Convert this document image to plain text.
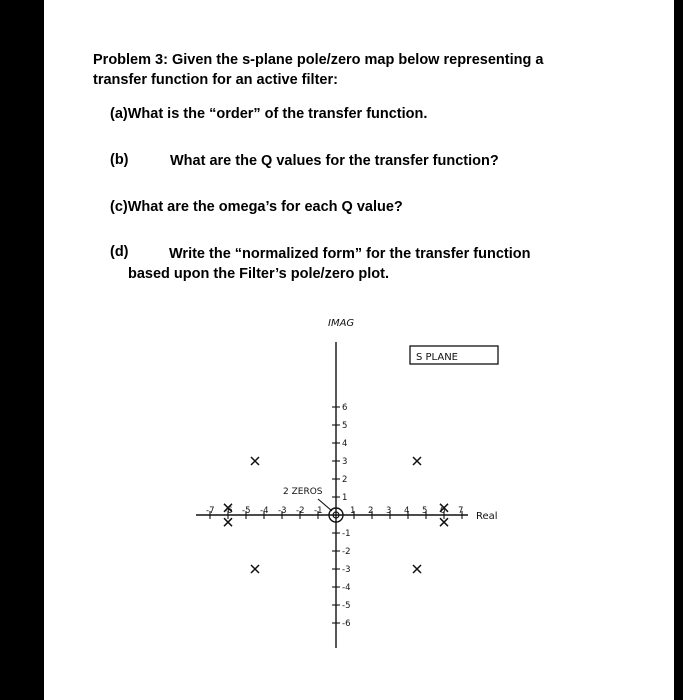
Problem 3: Given the s-plane pole/zero map below representing a
transfer function for an active filter:
(a)What is the “order” of the transfer function.
(b)	What are the Q values for the transfer function?
(c)What are the omega’s for each Q value?
(d)	Write the “normalized form” for the transfer function
based upon the Filter’s pole/zero plot.
-7 -6 -5 -4 -3 -2 -1	1 2 3 4 5 6 7
6
5
4
3
2
1
-1
-2
-3
-4
-5
-6
IMAG
Real
S PLANE
2 ZEROS
